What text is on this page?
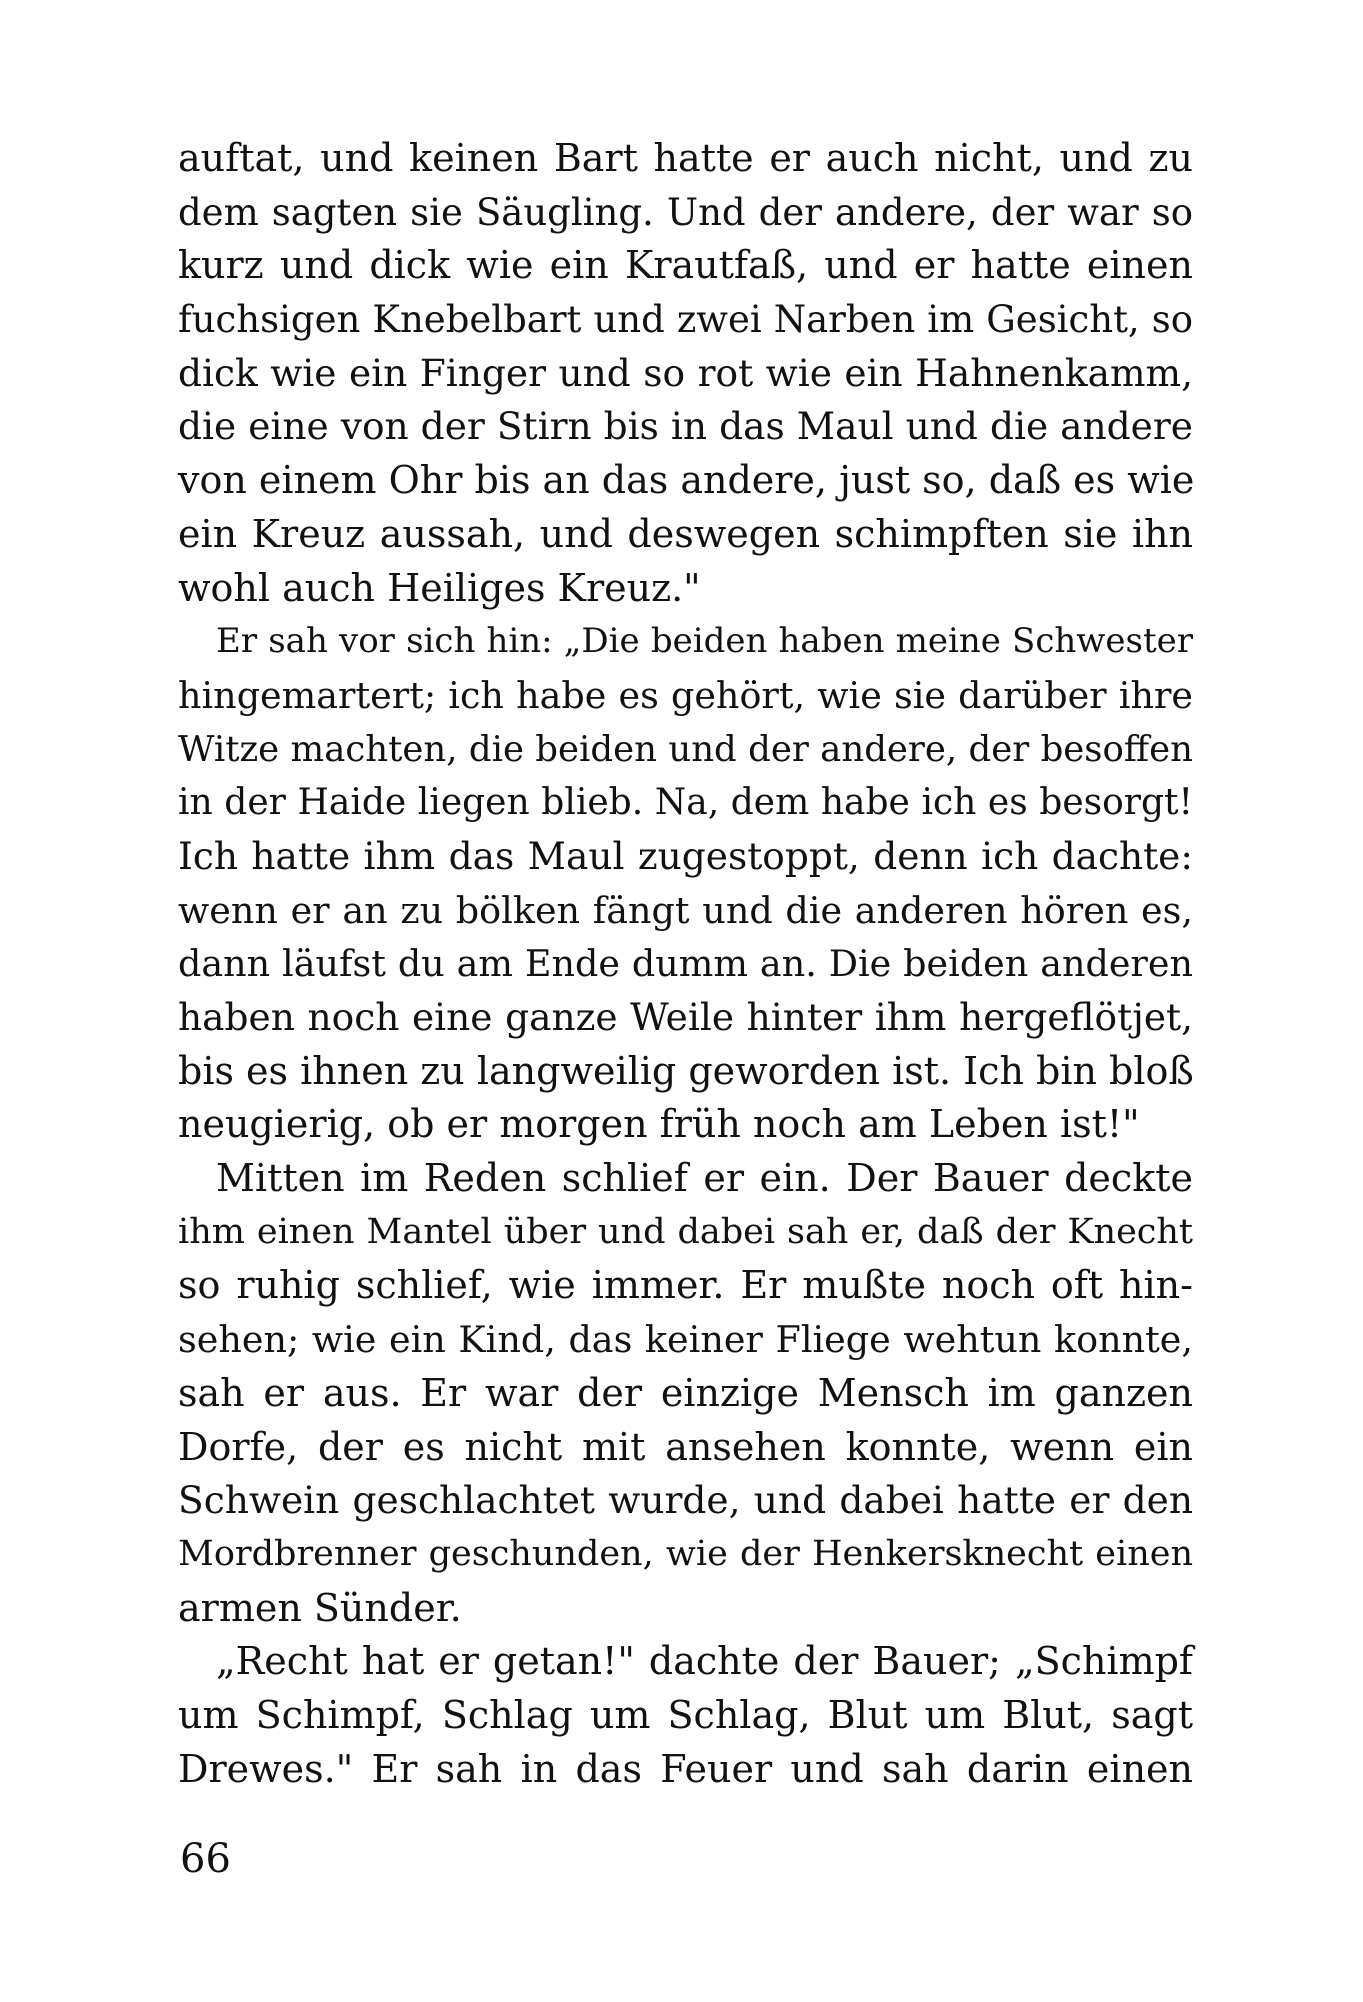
auftat, und keinen Bart hatte er auch nicht, und zu
dem sagten sie Säugling. Und der andere, der war so
kurz und dick wie ein Krautfaß, und er hatte einen
fuchsigen Knebelbart und zwei Narben im Gesicht, so
dick wie ein Finger und so rot wie ein Hahnenkamm,
die eine von der Stirn bis in das Maul und die andere
von einem Ohr bis an das andere, just so, daß es wie
ein Kreuz aussah, und deswegen schimpften sie ihn
wohl auch Heiliges Kreuz."
Er sah vor sich hin: „Die beiden haben meine Schwester
hingemartert; ich habe es gehört, wie sie darüber ihre
Witze machten, die beiden und der andere, der besoffen
in der Haide liegen blieb. Na, dem habe ich es besorgt!
Ich hatte ihm das Maul zugestoppt, denn ich dachte:
wenn er an zu bölken fängt und die anderen hören es,
dann läufst du am Ende dumm an. Die beiden anderen
haben noch eine ganze Weile hinter ihm hergeflötjet,
bis es ihnen zu langweilig geworden ist. Ich bin bloß
neugierig, ob er morgen früh noch am Leben ist!"
Mitten im Reden schlief er ein. Der Bauer deckte
ihm einen Mantel über und dabei sah er, daß der Knecht
so ruhig schlief, wie immer. Er mußte noch oft hin-
sehen; wie ein Kind, das keiner Fliege wehtun konnte,
sah er aus. Er war der einzige Mensch im ganzen
Dorfe, der es nicht mit ansehen konnte, wenn ein
Schwein geschlachtet wurde, und dabei hatte er den
Mordbrenner geschunden, wie der Henkersknecht einen
armen Sünder.
„Recht hat er getan!" dachte der Bauer; „Schimpf
um Schimpf, Schlag um Schlag, Blut um Blut, sagt
Drewes." Er sah in das Feuer und sah darin einen
66
